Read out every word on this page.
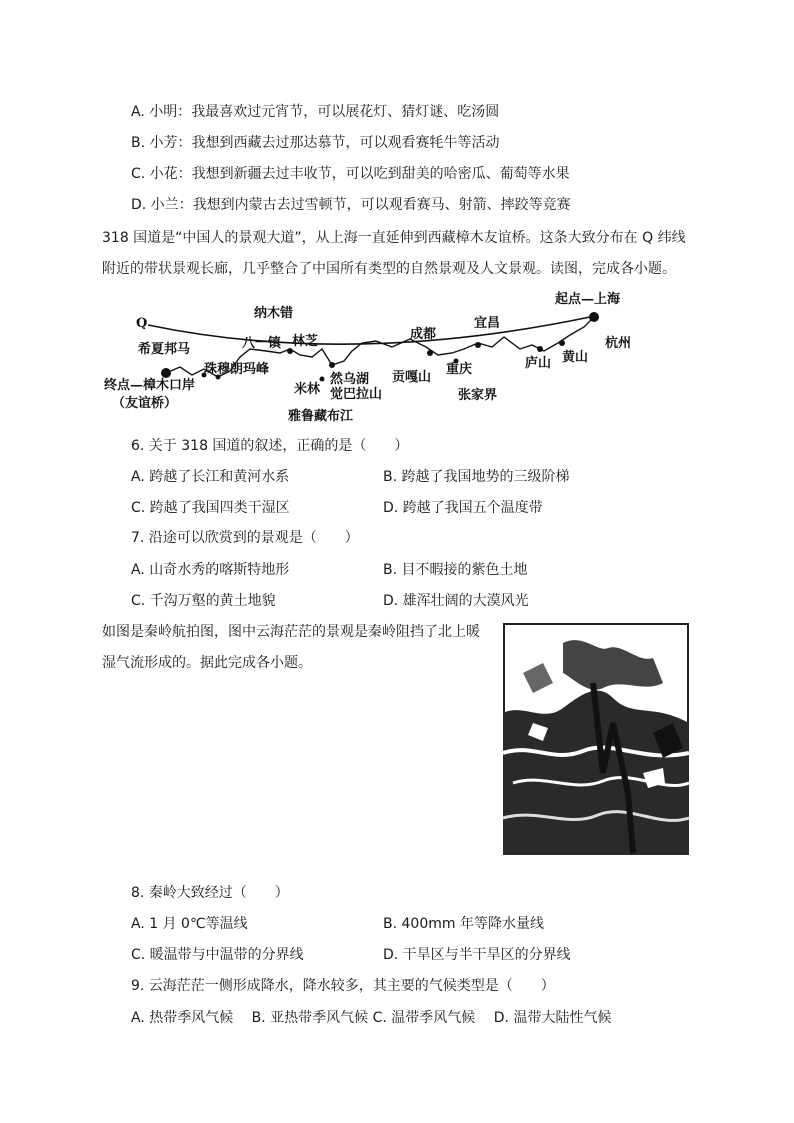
A. 小明：我最喜欢过元宵节，可以展花灯、猜灯谜、吃汤圆
B. 小芳：我想到西藏去过那达慕节，可以观看赛牦牛等活动
C. 小花：我想到新疆去过丰收节，可以吃到甜美的哈密瓜、葡萄等水果
D. 小兰：我想到内蒙古去过雪顿节，可以观看赛马、射箭、摔跤等竞赛
318 国道是“中国人的景观大道”，从上海一直延伸到西藏樟木友谊桥。这条大致分布在 Q 纬线
附近的带状景观长廊，几乎整合了中国所有类型的自然景观及人文景观。读图，完成各小题。
Q
起点—上海
杭州
黄山
庐山
宜昌
成都
重庆
张家界
贡嘎山
纳木错
八一镇 林芝
希夏邦马
珠穆朗玛峰
终点—樟木口岸
（友谊桥）
米林
然乌湖
觉巴拉山
雅鲁藏布江
6. 关于 318 国道的叙述，正确的是（　　）
A. 跨越了长江和黄河水系	B. 跨越了我国地势的三级阶梯
C. 跨越了我国四类干湿区	D. 跨越了我国五个温度带
7. 沿途可以欣赏到的景观是（　　）
A. 山奇水秀的喀斯特地形	B. 目不暇接的紫色土地
C. 千沟万壑的黄土地貌	D. 雄浑壮阔的大漠风光
如图是秦岭航拍图，图中云海茫茫的景观是秦岭阻挡了北上暖
湿气流形成的。据此完成各小题。
8. 秦岭大致经过（　　）
A. 1 月 0℃等温线	B. 400mm 年等降水量线
C. 暖温带与中温带的分界线	D. 干旱区与半干旱区的分界线
9. 云海茫茫一侧形成降水，降水较多，其主要的气候类型是（　　）
A. 热带季风气候　 B. 亚热带季风气候 C. 温带季风气候　 D. 温带大陆性气候
